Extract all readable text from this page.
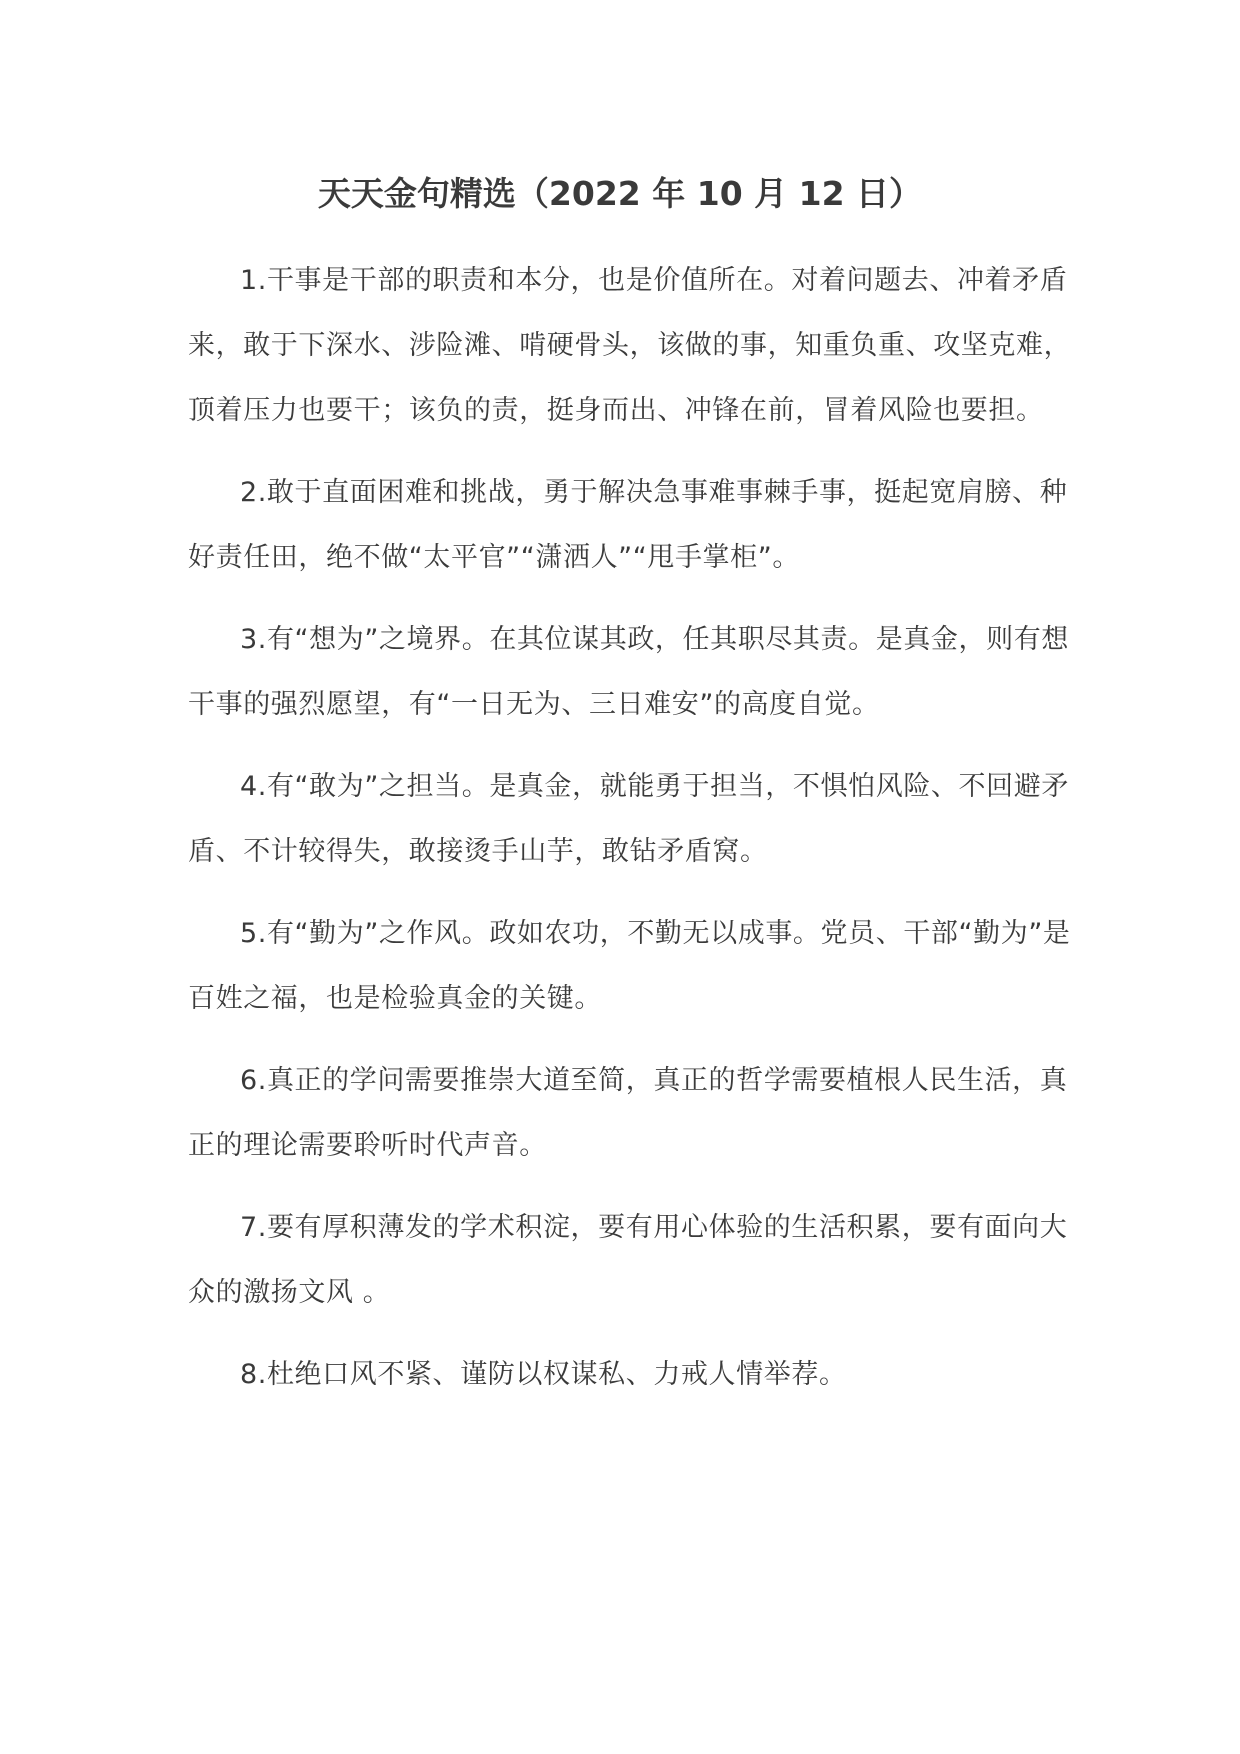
天天金句精选（2022 年 10 月 12 日）

1.干事是干部的职责和本分，也是价值所在。对着问题去、冲着矛盾来，敢于下深水、涉险滩、啃硬骨头，该做的事，知重负重、攻坚克难，顶着压力也要干；该负的责，挺身而出、冲锋在前，冒着风险也要担。

2.敢于直面困难和挑战，勇于解决急事难事棘手事，挺起宽肩膀、种好责任田，绝不做“太平官”“潇洒人”“甩手掌柜”。

3.有“想为”之境界。在其位谋其政，任其职尽其责。是真金，则有想干事的强烈愿望，有“一日无为、三日难安”的高度自觉。

4.有“敢为”之担当。是真金，就能勇于担当，不惧怕风险、不回避矛盾、不计较得失，敢接烫手山芋，敢钻矛盾窝。

5.有“勤为”之作风。政如农功，不勤无以成事。党员、干部“勤为”是百姓之福，也是检验真金的关键。

6.真正的学问需要推崇大道至简，真正的哲学需要植根人民生活，真正的理论需要聆听时代声音。

7.要有厚积薄发的学术积淀，要有用心体验的生活积累，要有面向大众的激扬文风 。

8.杜绝口风不紧、谨防以权谋私、力戒人情举荐。
